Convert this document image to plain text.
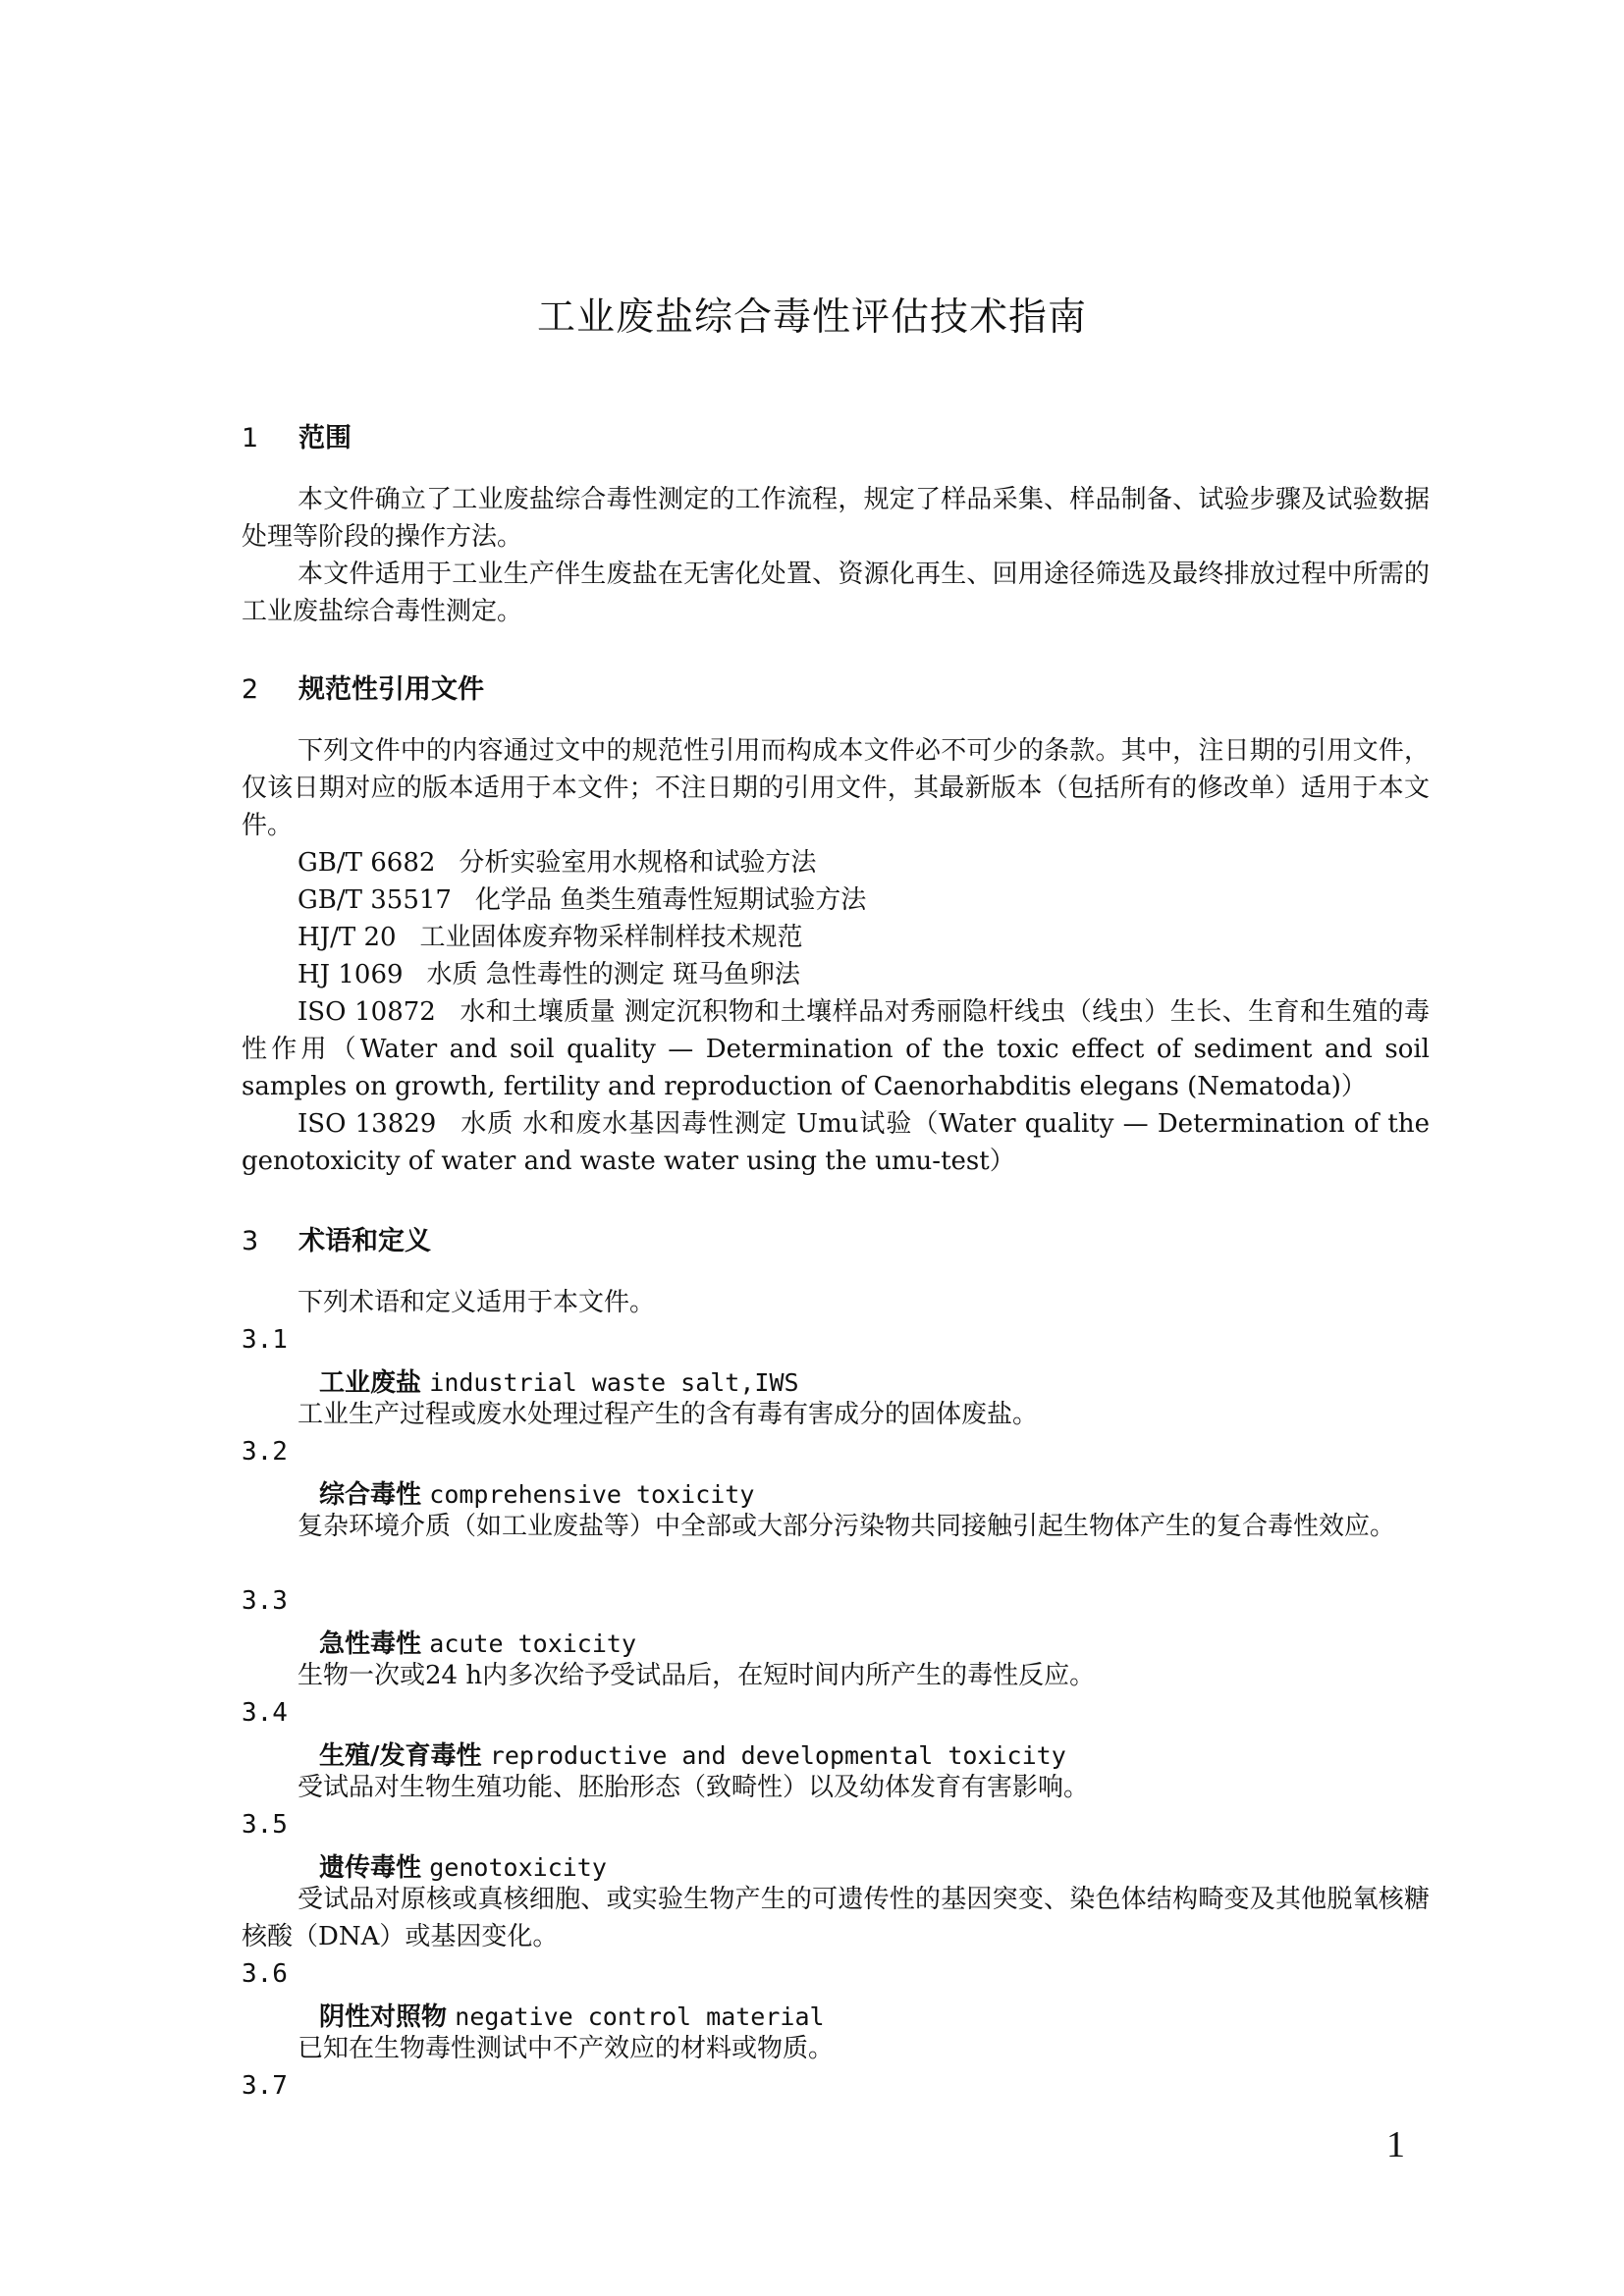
工业废盐综合毒性评估技术指南
1 范围

本文件确立了工业废盐综合毒性测定的工作流程，规定了样品采集、样品制备、试验步骤及试验数据处理等阶段的操作方法。

本文件适用于工业生产伴生废盐在无害化处置、资源化再生、回用途径筛选及最终排放过程中所需的工业废盐综合毒性测定。

2 规范性引用文件

下列文件中的内容通过文中的规范性引用而构成本文件必不可少的条款。其中，注日期的引用文件，仅该日期对应的版本适用于本文件；不注日期的引用文件，其最新版本（包括所有的修改单）适用于本文件。

GB/T 6682 分析实验室用水规格和试验方法

GB/T 35517 化学品 鱼类生殖毒性短期试验方法

HJ/T 20 工业固体废弃物采样制样技术规范

HJ 1069 水质 急性毒性的测定 斑马鱼卵法

ISO 10872 水和土壤质量 测定沉积物和土壤样品对秀丽隐杆线虫（线虫）生长、生育和生殖的毒性作用（Water and soil quality — Determination of the toxic effect of sediment and soil samples on growth, fertility and reproduction of Caenorhabditis elegans (Nematoda)）

ISO 13829 水质 水和废水基因毒性测定 Umu试验（Water quality — Determination of the genotoxicity of water and waste water using the umu-test）

3 术语和定义

下列术语和定义适用于本文件。

3.1
工业废盐 industrial waste salt,IWS

工业生产过程或废水处理过程产生的含有毒有害成分的固体废盐。

3.2
综合毒性 comprehensive toxicity

复杂环境介质（如工业废盐等）中全部或大部分污染物共同接触引起生物体产生的复合毒性效应。

3.3
急性毒性 acute toxicity

生物一次或24 h内多次给予受试品后，在短时间内所产生的毒性反应。

3.4
生殖/发育毒性 reproductive and developmental toxicity

受试品对生物生殖功能、胚胎形态（致畸性）以及幼体发育有害影响。

3.5
遗传毒性 genotoxicity

受试品对原核或真核细胞、或实验生物产生的可遗传性的基因突变、染色体结构畸变及其他脱氧核糖核酸（DNA）或基因变化。

3.6
阴性对照物 negative control material

已知在生物毒性测试中不产效应的材料或物质。

3.7
1
